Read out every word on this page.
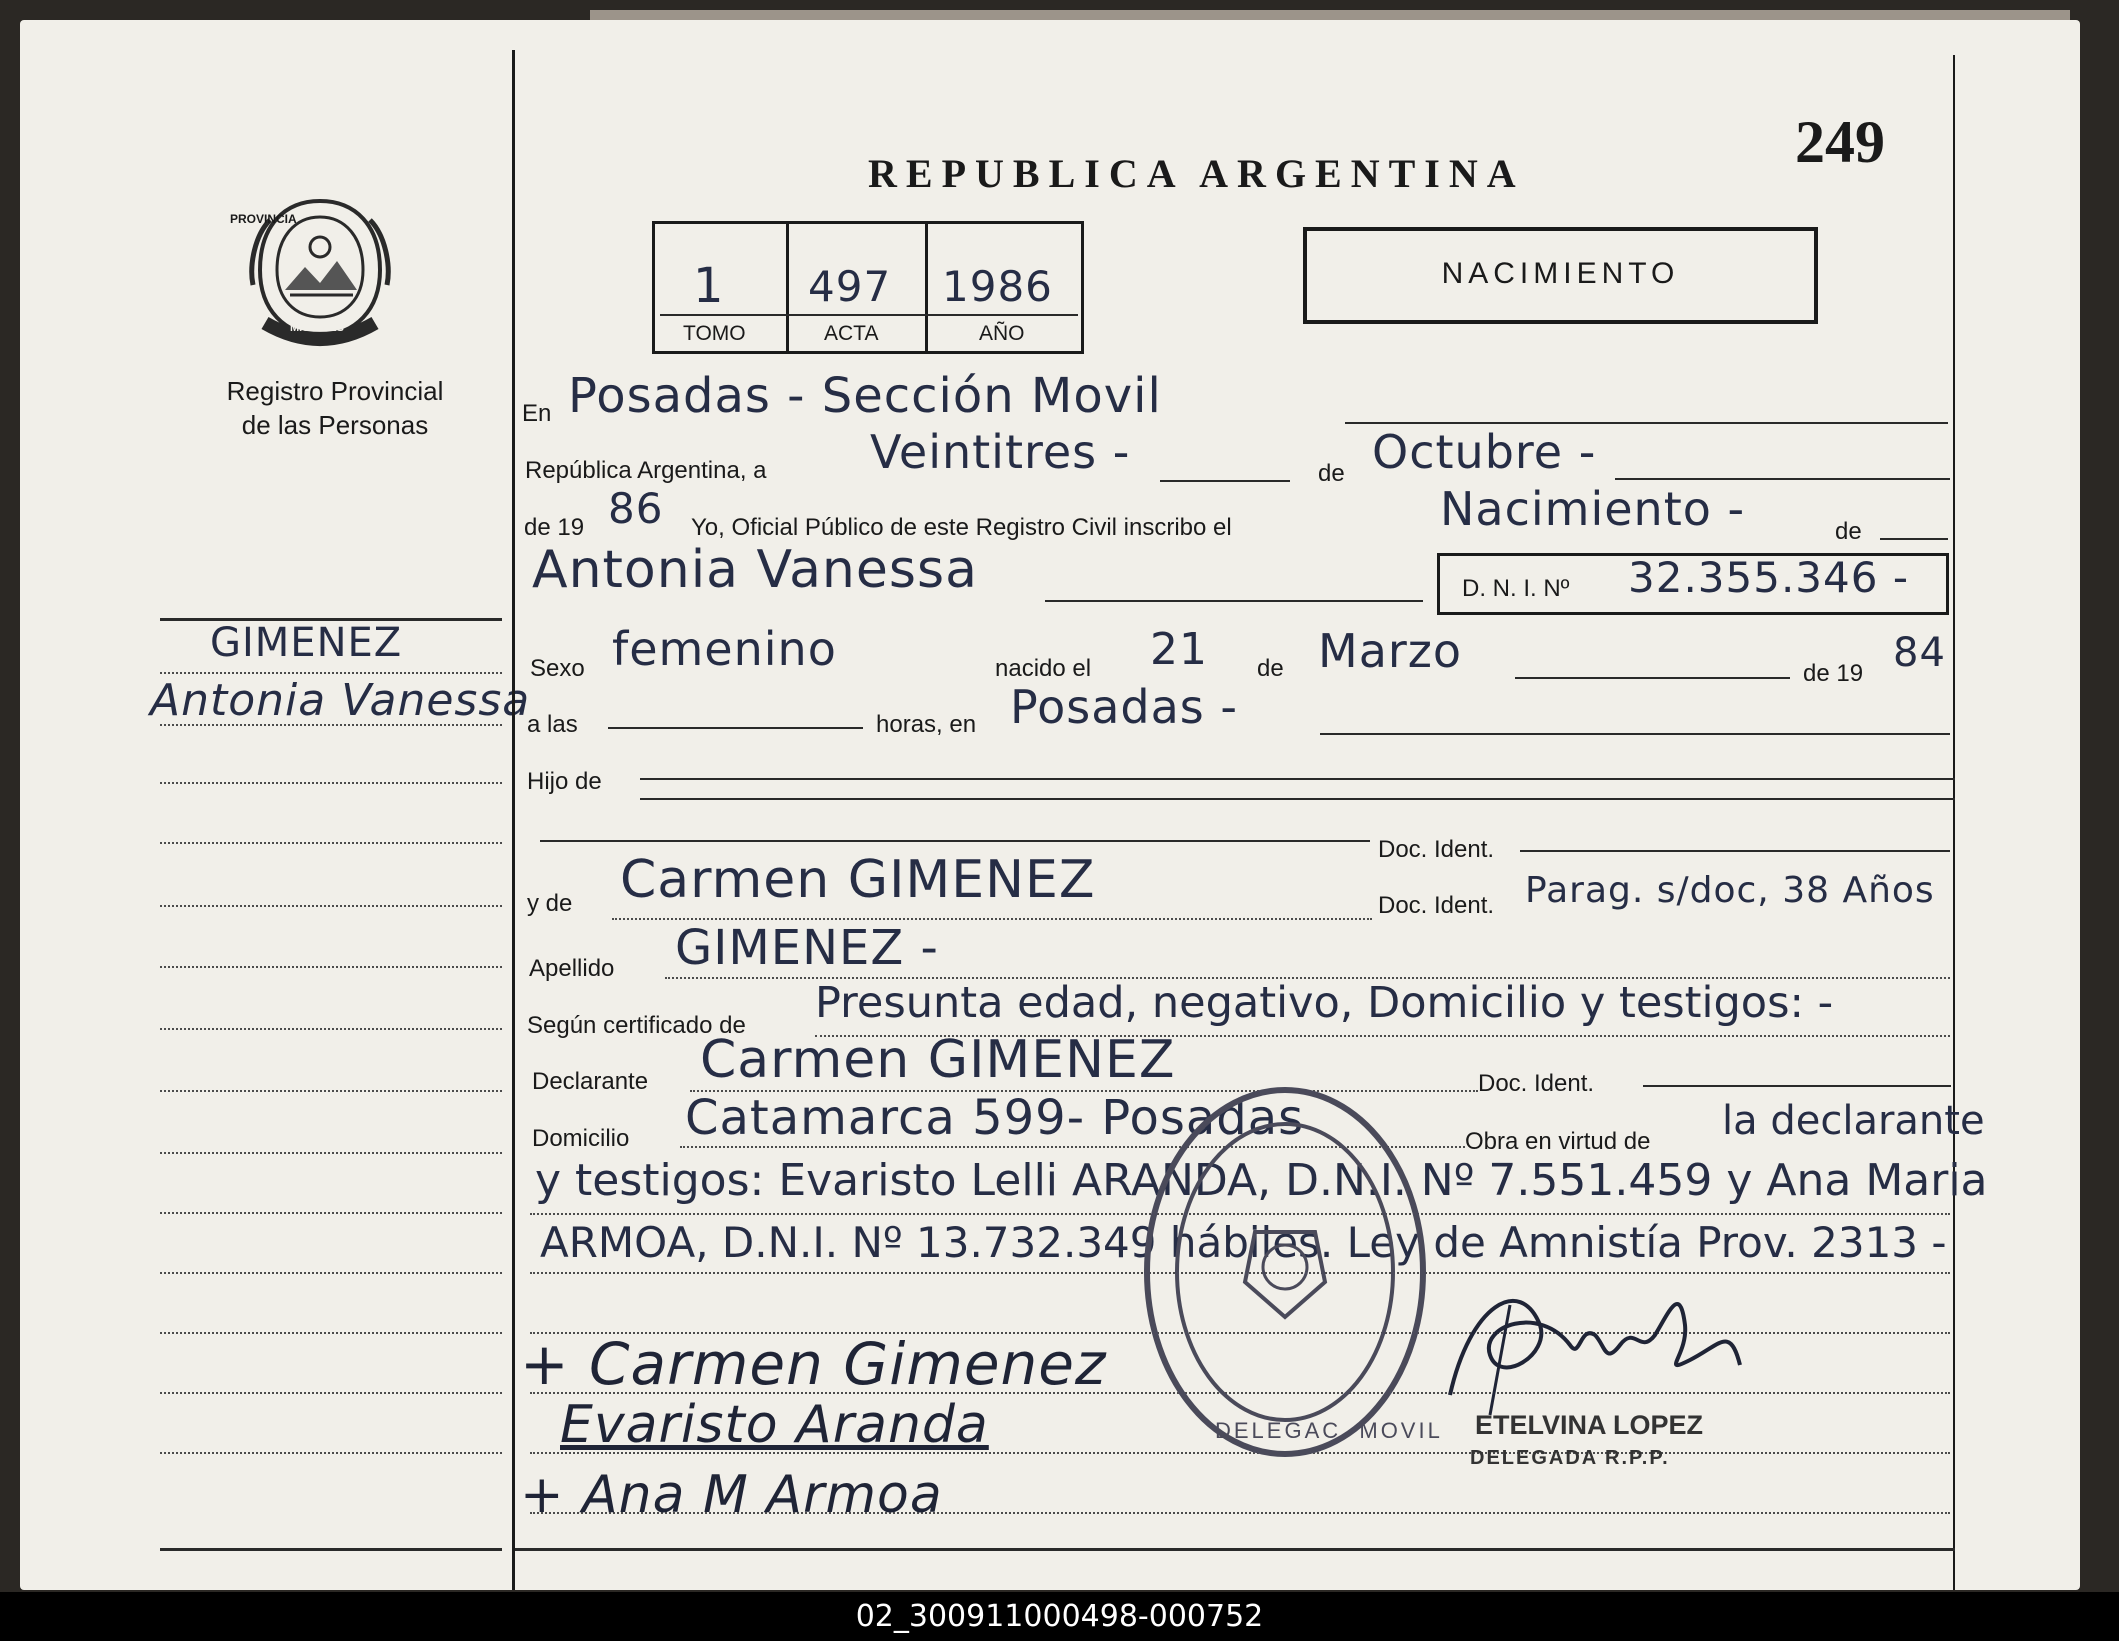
PROVINCIA
MISIONES
Registro Provincial
de las Personas
GIMENEZ
Antonia Vanessa
REPUBLICA ARGENTINA	249
1 497 1986
TOMO	ACTA	AÑO
NACIMIENTO
En Posadas - Sección Movil
República Argentina, a Veintitres -	de Octubre -
de 19 86 Yo, Oficial Público de este Registro Civil inscribo el	Nacimiento -	de
Antonia Vanessa	D. N. I. Nº 32.355.346 -
Sexo femenino	nacido el 21 de Marzo	de 19 84
a las	horas, en Posadas -
Hijo de
Doc. Ident.
y de Carmen GIMENEZ	Doc. Ident. Parag. s/doc, 38 Años
Apellido GIMENEZ -
Según certificado de Presunta edad, negativo, Domicilio y testigos: -
Declarante Carmen GIMENEZ	Doc. Ident.
Domicilio Catamarca 599- Posadas	Obra en virtud de la declarante
y testigos: Evaristo Lelli ARANDA, D.N.I. Nº 7.551.459 y Ana Maria
ARMOA, D.N.I. Nº 13.732.349 hábiles. Ley de Amnistía Prov. 2313 -
DELEGAC. MOVIL
+ Carmen Gimenez
Evaristo Aranda
+ Ana M Armoa
ETELVINA LOPEZ
DELEGADA R.P.P.
02_300911000498-000752
